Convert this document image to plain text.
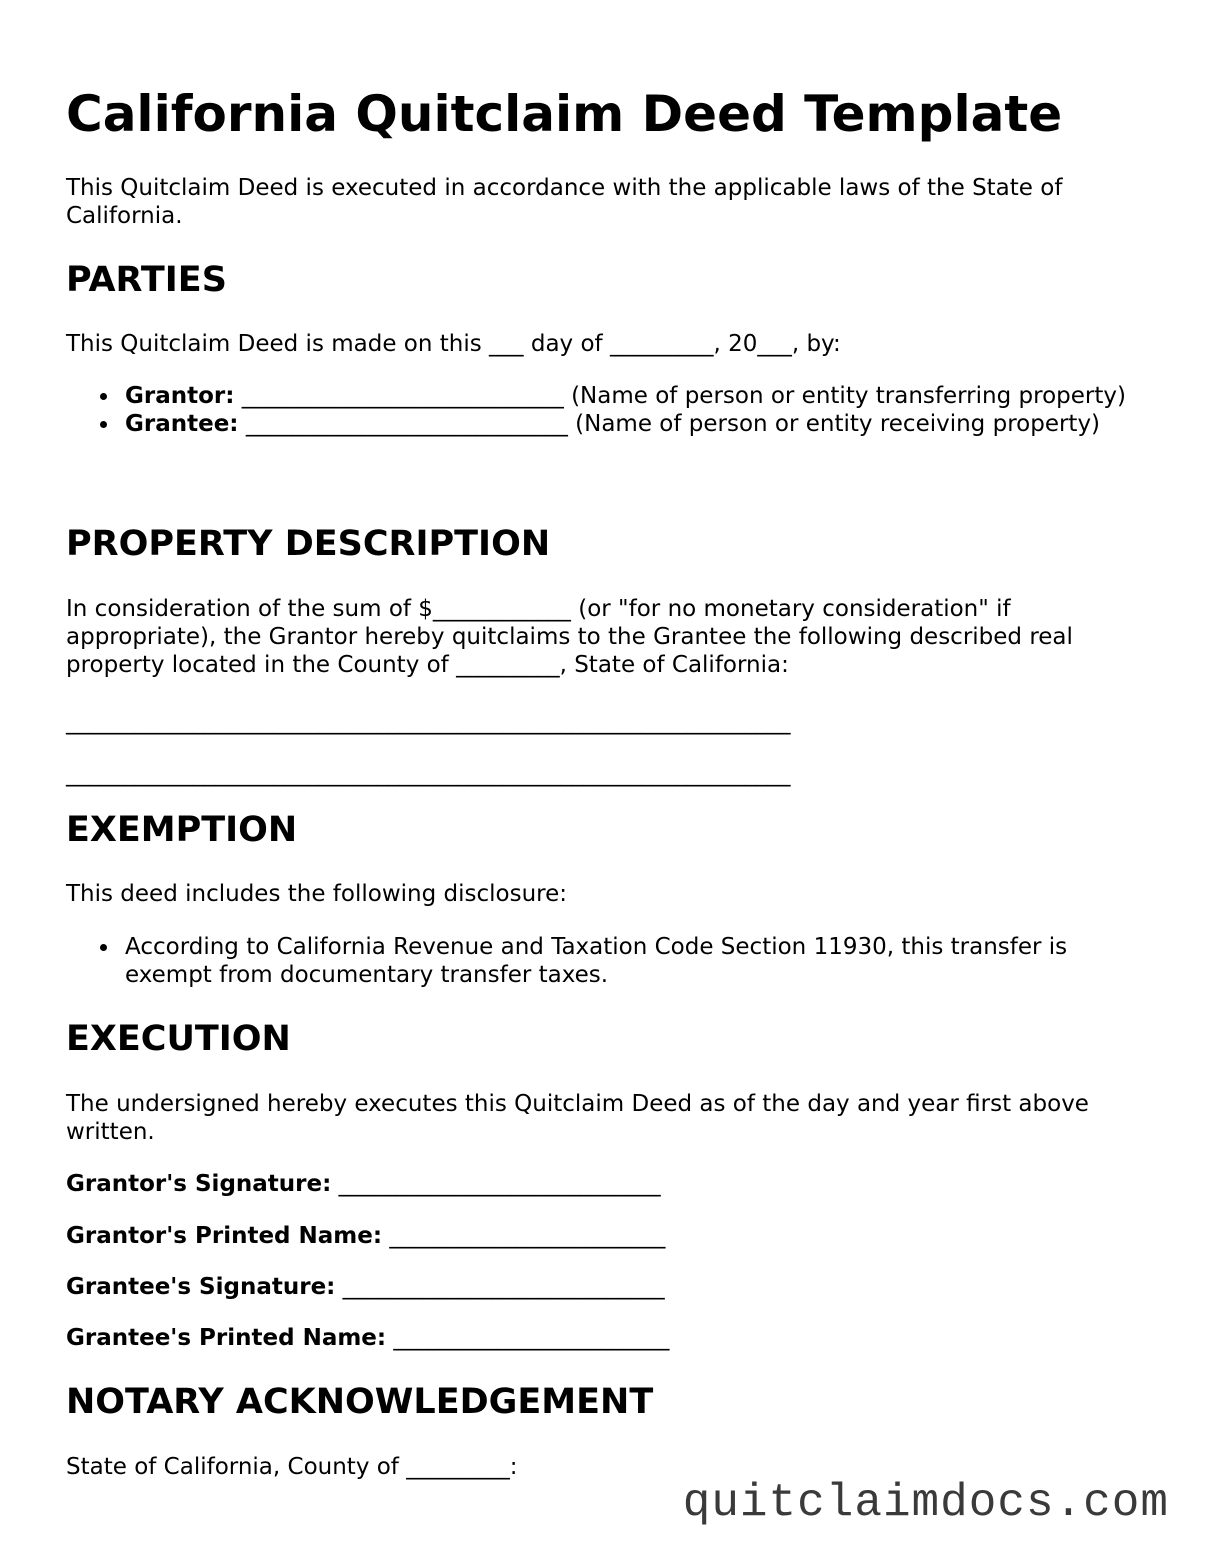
California Quitclaim Deed Template

This Quitclaim Deed is executed in accordance with the applicable laws of the State of California.

PARTIES

This Quitclaim Deed is made on this ___ day of _________, 20___, by:

Grantor: ____________________________ (Name of person or entity transferring property)
Grantee: ____________________________ (Name of person or entity receiving property)
PROPERTY DESCRIPTION

In consideration of the sum of $____________ (or "for no monetary consideration" if appropriate), the Grantor hereby quitclaims to the Grantee the following described real property located in the County of _________, State of California:

_______________________________________________________________
_______________________________________________________________
EXEMPTION

This deed includes the following disclosure:

According to California Revenue and Taxation Code Section 11930, this transfer is exempt from documentary transfer taxes.
EXECUTION

The undersigned hereby executes this Quitclaim Deed as of the day and year first above written.

Grantor's Signature: ____________________________
Grantor's Printed Name: ________________________
Grantee's Signature: ____________________________
Grantee's Printed Name: ________________________
NOTARY ACKNOWLEDGEMENT

State of California, County of _________:

quitclaimdocs.com
